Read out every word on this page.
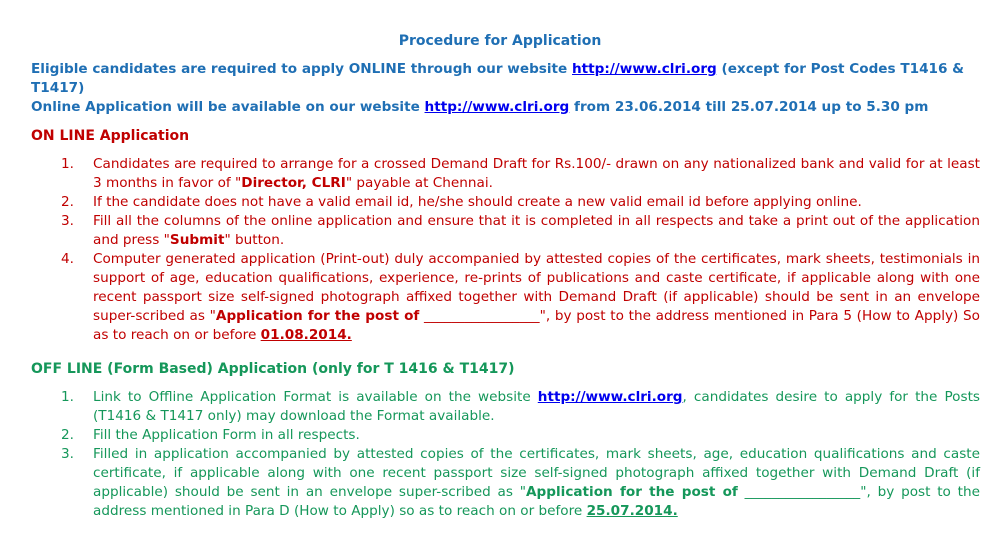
Procedure for Application

Eligible candidates are required to apply ONLINE through our website http://www.clri.org (except for Post Codes T1416 & T1417)

Online Application will be available on our website http://www.clri.org from 23.06.2014 till 25.07.2014 up to 5.30 pm

ON LINE Application
1. Candidates are required to arrange for a crossed Demand Draft for Rs.100/- drawn on any nationalized bank and valid for at least 3 months in favor of "Director, CLRI" payable at Chennai.
2. If the candidate does not have a valid email id, he/she should create a new valid email id before applying online.
3. Fill all the columns of the online application and ensure that it is completed in all respects and take a print out of the application and press "Submit" button.
4. Computer generated application (Print-out) duly accompanied by attested copies of the certificates, mark sheets, testimonials in support of age, education qualifications, experience, re-prints of publications and caste certificate, if applicable along with one recent passport size self-signed photograph affixed together with Demand Draft (if applicable) should be sent in an envelope super-scribed as "Application for the post of _________________", by post to the address mentioned in Para 5 (How to Apply) So as to reach on or before 01.08.2014.
OFF LINE (Form Based) Application (only for T 1416 & T1417)
1. Link to Offline Application Format is available on the website http://www.clri.org, candidates desire to apply for the Posts (T1416 & T1417 only) may download the Format available.
2. Fill the Application Form in all respects.
3. Filled in application accompanied by attested copies of the certificates, mark sheets, age, education qualifications and caste certificate, if applicable along with one recent passport size self-signed photograph affixed together with Demand Draft (if applicable) should be sent in an envelope super-scribed as "Application for the post of _________________", by post to the address mentioned in Para D (How to Apply) so as to reach on or before 25.07.2014.
